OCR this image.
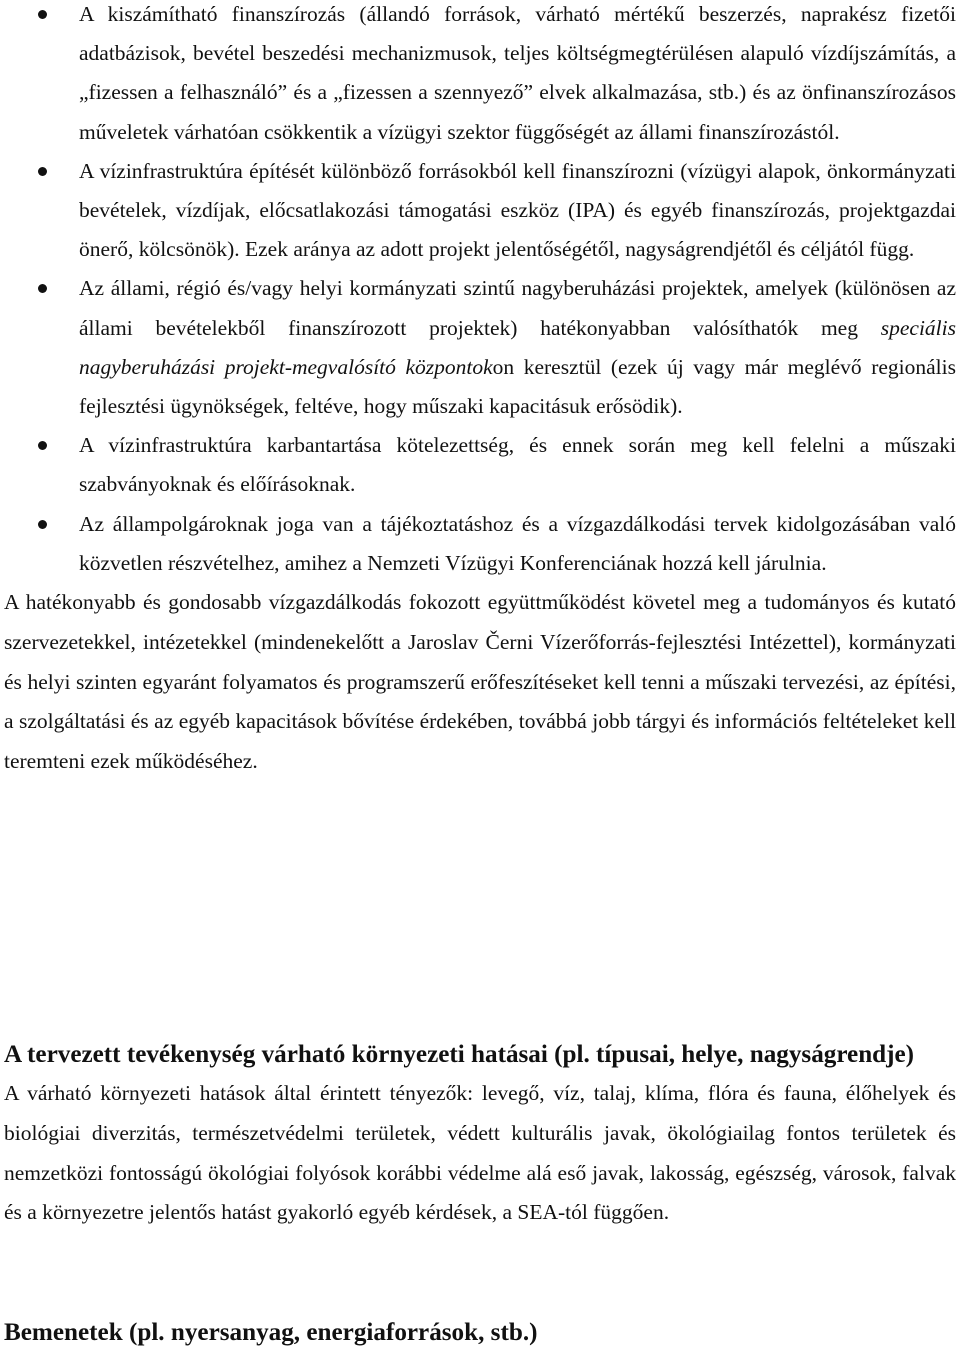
A kiszámítható finanszírozás (állandó források, várható mértékű beszerzés, naprakész fizetői adatbázisok, bevétel beszedési mechanizmusok, teljes költségmegtérülésen alapuló vízdíjszámítás, a „fizessen a felhasználó” és a „fizessen a szennyező” elvek alkalmazása, stb.) és az önfinanszírozásos műveletek várhatóan csökkentik a vízügyi szektor függőségét az állami finanszírozástól.
A vízinfrastruktúra építését különböző forrásokból kell finanszírozni (vízügyi alapok, önkormányzati bevételek, vízdíjak, előcsatlakozási támogatási eszköz (IPA) és egyéb finanszírozás, projektgazdai önerő, kölcsönök). Ezek aránya az adott projekt jelentőségétől, nagyságrendjétől és céljától függ.
Az állami, régió és/vagy helyi kormányzati szintű nagyberuházási projektek, amelyek (különösen az állami bevételekből finanszírozott projektek) hatékonyabban valósíthatók meg speciális nagyberuházási projekt-megvalósító központokon keresztül (ezek új vagy már meglévő regionális fejlesztési ügynökségek, feltéve, hogy műszaki kapacitásuk erősödik).
A vízinfrastruktúra karbantartása kötelezettség, és ennek során meg kell felelni a műszaki szabványoknak és előírásoknak.
Az állampolgároknak joga van a tájékoztatáshoz és a vízgazdálkodási tervek kidolgozásában való közvetlen részvételhez, amihez a Nemzeti Vízügyi Konferenciának hozzá kell járulnia.

A hatékonyabb és gondosabb vízgazdálkodás fokozott együttműködést követel meg a tudományos és kutató szervezetekkel, intézetekkel (mindenekelőtt a Jaroslav Černi Vízerőforrás-fejlesztési Intézettel), kormányzati és helyi szinten egyaránt folyamatos és programszerű erőfeszítéseket kell tenni a műszaki tervezési, az építési, a szolgáltatási és az egyéb kapacitások bővítése érdekében, továbbá jobb tárgyi és információs feltételeket kell teremteni ezek működéséhez.

A tervezett tevékenység várható környezeti hatásai (pl. típusai, helye, nagyságrendje)

A várható környezeti hatások által érintett tényezők: levegő, víz, talaj, klíma, flóra és fauna, élőhelyek és biológiai diverzitás, természetvédelmi területek, védett kulturális javak, ökológiailag fontos területek és nemzetközi fontosságú ökológiai folyósok korábbi védelme alá eső javak, lakosság, egészség, városok, falvak és a környezetre jelentős hatást gyakorló egyéb kérdések, a SEA-tól függően.

Bemenetek (pl. nyersanyag, energiaforrások, stb.)
